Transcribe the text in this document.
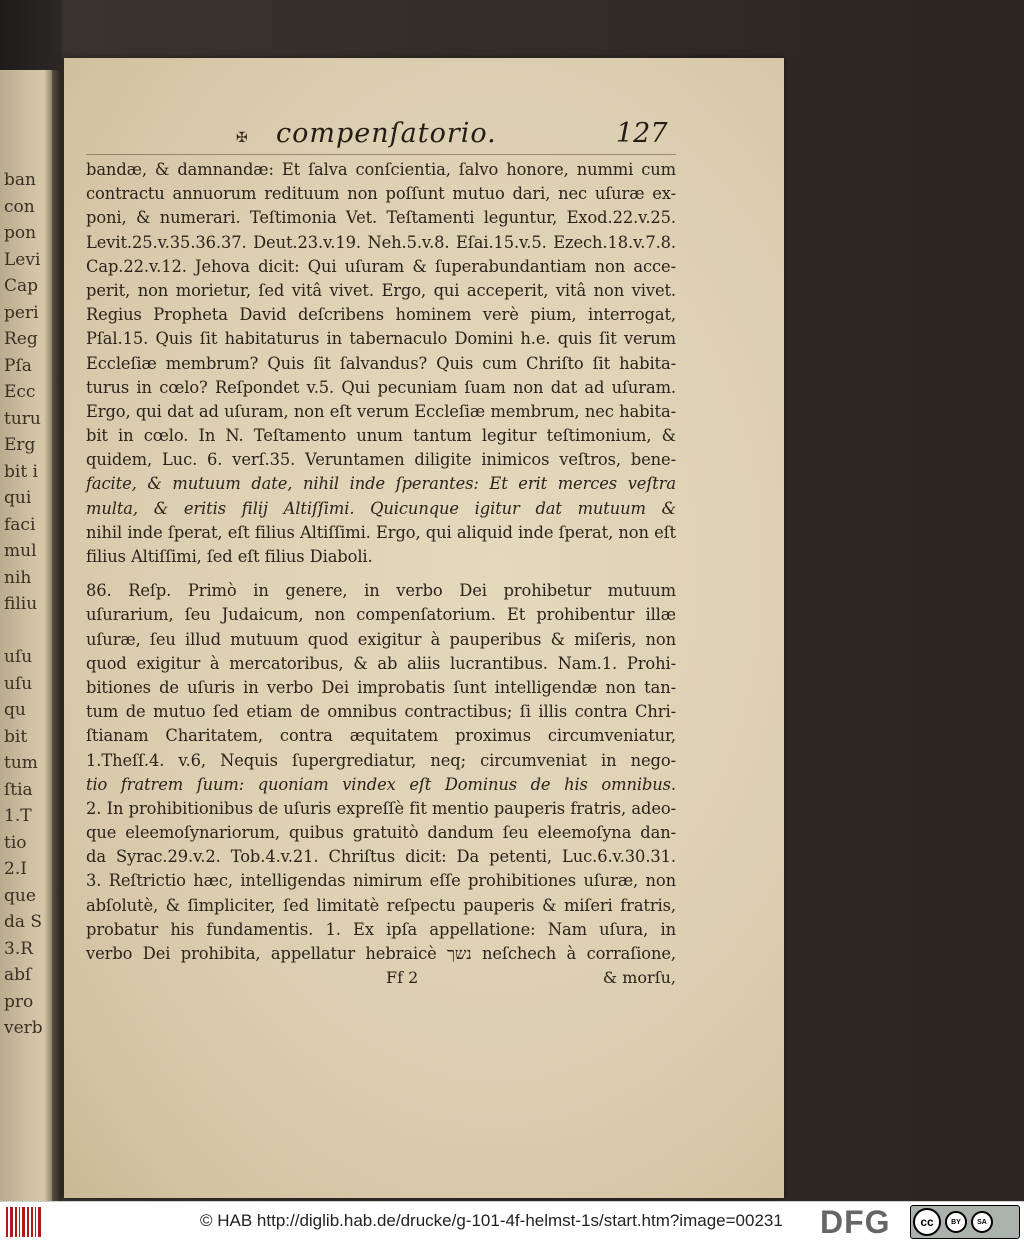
ban
con
pon
Levi
Cap
peri
Reg
Pſa
Ecc
turu
Erg
bit i
qui
faci
mul
nih
filiu
uſu
uſu
qu
bit
tum
ſtia
1.T
tio
2.I
que
da S
3.R
abſ
pro
verb
✠ compenſatorio.	127
bandæ, & damnandæ: Et ſalva conſcientia, ſalvo honore, nummi cum
contractu annuorum redituum non poſſunt mutuo dari, nec uſuræ ex-
poni, & numerari. Teſtimonia Vet. Teſtamenti leguntur, Exod.22.v.25.
Levit.25.v.35.36.37. Deut.23.v.19. Neh.5.v.8. Eſai.15.v.5. Ezech.18.v.7.8.
Cap.22.v.12. Jehova dicit: Qui uſuram & ſuperabundantiam non acce-
perit, non morietur, ſed vitâ vivet. Ergo, qui acceperit, vitâ non vivet.
Regius Propheta David deſcribens hominem verè pium, interrogat,
Pſal.15. Quis ſit habitaturus in tabernaculo Domini h.e. quis ſit verum
Eccleſiæ membrum? Quis ſit ſalvandus? Quis cum Chriſto ſit habita-
turus in cœlo? Reſpondet v.5. Qui pecuniam ſuam non dat ad uſuram.
Ergo, qui dat ad uſuram, non eſt verum Eccleſiæ membrum, nec habita-
bit in cœlo. In N. Teſtamento unum tantum legitur teſtimonium, &
quidem, Luc. 6. verſ.35. Veruntamen diligite inimicos veſtros, bene-
facite, & mutuum date, nihil inde ſperantes: Et erit merces veſtra
multa, & eritis filij Altiſſimi. Quicunque igitur dat mutuum &
nihil inde ſperat, eſt filius Altiſſimi. Ergo, qui aliquid inde ſperat, non eſt
filius Altiſſimi, ſed eſt filius Diaboli.
86. Reſp. Primò in genere, in verbo Dei prohibetur mutuum
uſurarium, ſeu Judaicum, non compenſatorium. Et prohibentur illæ
uſuræ, ſeu illud mutuum quod exigitur à pauperibus & miſeris, non
quod exigitur à mercatoribus, & ab aliis lucrantibus. Nam.1. Prohi-
bitiones de uſuris in verbo Dei improbatis ſunt intelligendæ non tan-
tum de mutuo ſed etiam de omnibus contractibus; ſi illis contra Chri-
ſtianam Charitatem, contra æquitatem proximus circumveniatur,
1.Theſſ.4. v.6, Nequis ſupergrediatur, neq; circumveniat in nego-
tio fratrem ſuum: quoniam vindex eſt Dominus de his omnibus.
2. In prohibitionibus de uſuris expreſſè fit mentio pauperis fratris, adeo-
que eleemoſynariorum, quibus gratuitò dandum ſeu eleemoſyna dan-
da Syrac.29.v.2. Tob.4.v.21. Chriſtus dicit: Da petenti, Luc.6.v.30.31.
3. Reſtrictio hæc, intelligendas nimirum eſſe prohibitiones uſuræ, non
abſolutè, & ſimpliciter, ſed limitatè reſpectu pauperis & miſeri fratris,
probatur his fundamentis. 1. Ex ipſa appellatione: Nam uſura, in
verbo Dei prohibita, appellatur hebraicè נשך neſchech à corraſione,
Ff 2	& morſu,
© HAB http://diglib.hab.de/drucke/g-101-4f-helmst-1s/start.htm?image=00231 DFG	cc	BY SA
